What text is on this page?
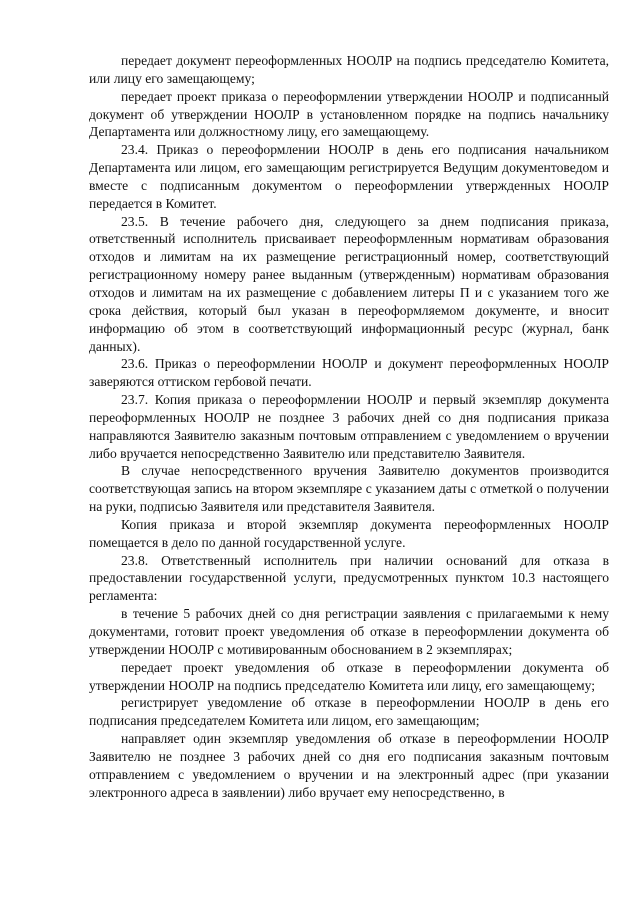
передает документ переоформленных НООЛР на подпись председателю Комитета, или лицу его замещающему;

передает проект приказа о переоформлении утверждении НООЛР и подписанный документ об утверждении НООЛР в установленном порядке на подпись начальнику Департамента или должностному лицу, его замещающему.

23.4. Приказ о переоформлении НООЛР в день его подписания начальником Департамента или лицом, его замещающим регистрируется Ведущим документоведом и вместе с подписанным документом о переоформлении утвержденных НООЛР передается в Комитет.

23.5. В течение рабочего дня, следующего за днем подписания приказа, ответственный исполнитель присваивает переоформленным нормативам образования отходов и лимитам на их размещение регистрационный номер, соответствующий регистрационному номеру ранее выданным (утвержденным) нормативам образования отходов и лимитам на их размещение с добавлением литеры П и с указанием того же срока действия, который был указан в переоформляемом документе, и вносит информацию об этом в соответствующий информационный ресурс (журнал, банк данных).

23.6. Приказ о переоформлении НООЛР и документ переоформленных НООЛР заверяются оттиском гербовой печати.

23.7. Копия приказа о переоформлении НООЛР и первый экземпляр документа переоформленных НООЛР не позднее 3 рабочих дней со дня подписания приказа направляются Заявителю заказным почтовым отправлением с уведомлением о вручении либо вручается непосредственно Заявителю или представителю Заявителя.

В случае непосредственного вручения Заявителю документов производится соответствующая запись на втором экземпляре с указанием даты с отметкой о получении на руки, подписью Заявителя или представителя Заявителя.

Копия приказа и второй экземпляр документа переоформленных НООЛР помещается в дело по данной государственной услуге.

23.8. Ответственный исполнитель при наличии оснований для отказа в предоставлении государственной услуги, предусмотренных пунктом 10.3 настоящего регламента:

в течение 5 рабочих дней со дня регистрации заявления с прилагаемыми к нему документами, готовит проект уведомления об отказе в переоформлении документа об утверждении НООЛР с мотивированным обоснованием в 2 экземплярах;

передает проект уведомления об отказе в переоформлении документа об утверждении НООЛР на подпись председателю Комитета или лицу, его замещающему;

регистрирует уведомление об отказе в переоформлении НООЛР в день его подписания председателем Комитета или лицом, его замещающим;

направляет один экземпляр уведомления об отказе в переоформлении НООЛР Заявителю не позднее 3 рабочих дней со дня его подписания заказным почтовым отправлением с уведомлением о вручении и на электронный адрес (при указании электронного адреса в заявлении) либо вручает ему непосредственно, в
